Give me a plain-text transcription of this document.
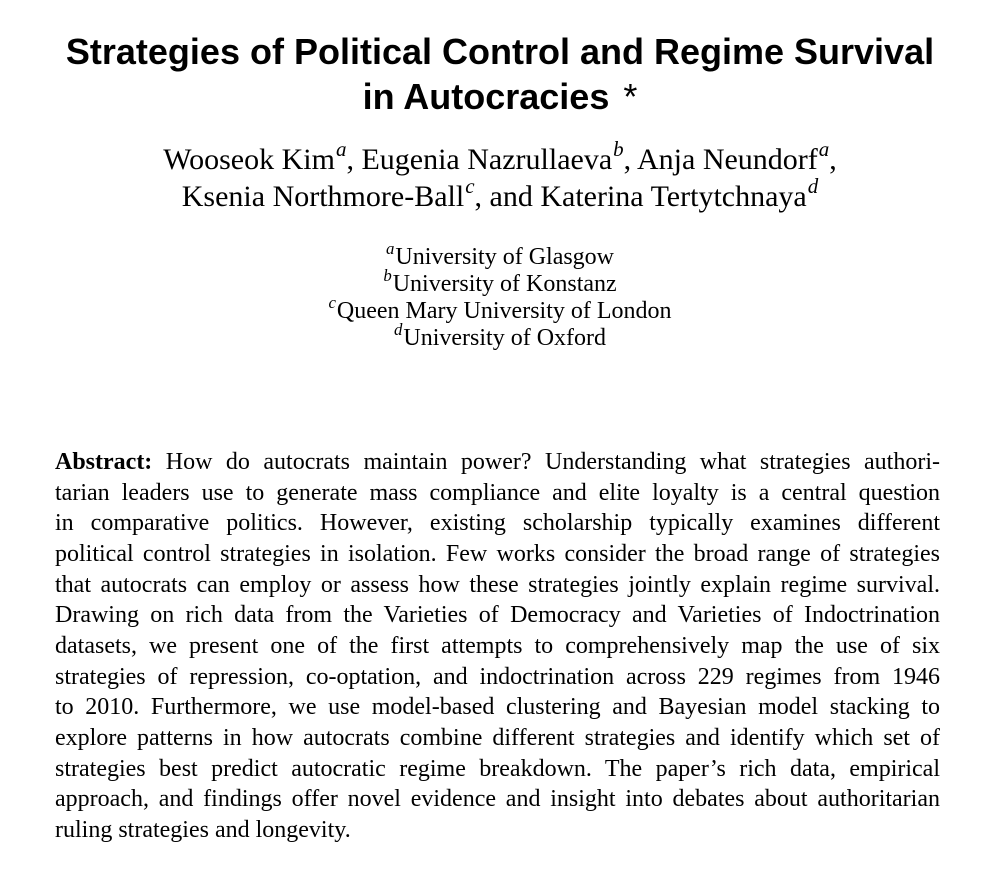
Strategies of Political Control and Regime Survival
in Autocracies *
Wooseok Kim$^a$, Eugenia Nazrullaeva$^b$, Anja Neundorf$^a$,
Ksenia Northmore-Ball$^c$, and Katerina Tertytchnaya$^d$
$^a$University of Glasgow
$^b$University of Konstanz
$^c$Queen Mary University of London
$^d$University of Oxford
Abstract: How do autocrats maintain power? Understanding what strategies authori-
tarian leaders use to generate mass compliance and elite loyalty is a central question
in comparative politics. However, existing scholarship typically examines different
political control strategies in isolation. Few works consider the broad range of strategies
that autocrats can employ or assess how these strategies jointly explain regime survival.
Drawing on rich data from the Varieties of Democracy and Varieties of Indoctrination
datasets, we present one of the first attempts to comprehensively map the use of six
strategies of repression, co-optation, and indoctrination across 229 regimes from 1946
to 2010. Furthermore, we use model-based clustering and Bayesian model stacking to
explore patterns in how autocrats combine different strategies and identify which set of
strategies best predict autocratic regime breakdown. The paper’s rich data, empirical
approach, and findings offer novel evidence and insight into debates about authoritarian
ruling strategies and longevity.
